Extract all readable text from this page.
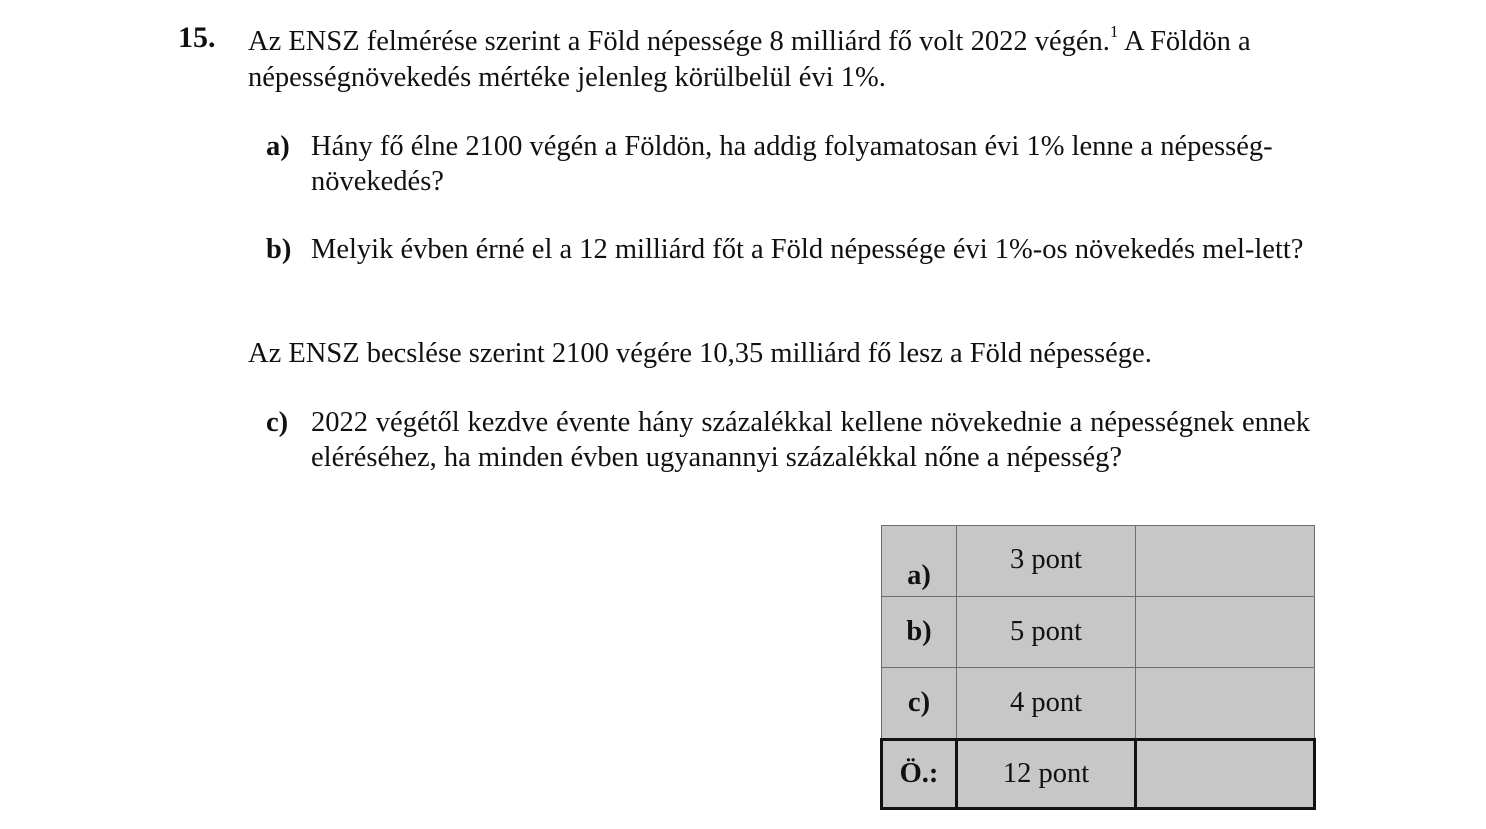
15. Az ENSZ felmérése szerint a Föld népessége 8 milliárd fő volt 2022 végén.$^1$ A Földön a népességnövekedés mértéke jelenleg körülbelül évi 1%.
a) Hány fő élne 2100 végén a Földön, ha addig folyamatosan évi 1% lenne a népesség-növekedés?
b) Melyik évben érné el a 12 milliárd főt a Föld népessége évi 1%-os növekedés mel-lett?
Az ENSZ becslése szerint 2100 végére 10,35 milliárd fő lesz a Föld népessége.
c) 2022 végétől kezdve évente hány százalékkal kellene növekednie a népességnek ennek eléréséhez, ha minden évben ugyanannyi százalékkal nőne a népesség?
a)	3 pont	
b)	5 pont	
c)	4 pont	
Ö.:	12 pont	
